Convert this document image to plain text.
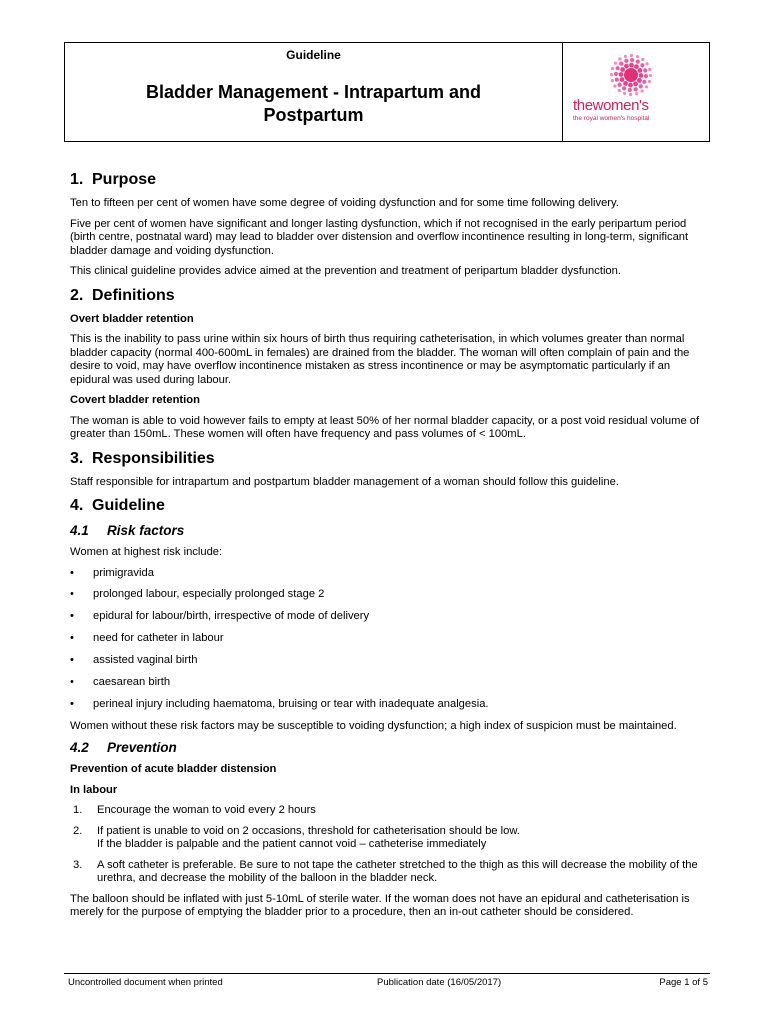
Guideline
Bladder Management - Intrapartum and
Postpartum	thewomen's
the royal women's hospital
1. Purpose

Ten to fifteen per cent of women have some degree of voiding dysfunction and for some time following delivery.

Five per cent of women have significant and longer lasting dysfunction, which if not recognised in the early peripartum period (birth centre, postnatal ward) may lead to bladder over distension and overflow incontinence resulting in long-term, significant bladder damage and voiding dysfunction.

This clinical guideline provides advice aimed at the prevention and treatment of peripartum bladder dysfunction.

2. Definitions
Overt bladder retention

This is the inability to pass urine within six hours of birth thus requiring catheterisation, in which volumes greater than normal bladder capacity (normal 400-600mL in females) are drained from the bladder. The woman will often complain of pain and the desire to void, may have overflow incontinence mistaken as stress incontinence or may be asymptomatic particularly if an epidural was used during labour.

Covert bladder retention

The woman is able to void however fails to empty at least 50% of her normal bladder capacity, or a post void residual volume of greater than 150mL. These women will often have frequency and pass volumes of < 100mL.

3. Responsibilities

Staff responsible for intrapartum and postpartum bladder management of a woman should follow this guideline.

4. Guideline
4.1 Risk factors

Women at highest risk include:

• primigravida
• prolonged labour, especially prolonged stage 2
• epidural for labour/birth, irrespective of mode of delivery
• need for catheter in labour
• assisted vaginal birth
• caesarean birth
• perineal injury including haematoma, bruising or tear with inadequate analgesia.

Women without these risk factors may be susceptible to voiding dysfunction; a high index of suspicion must be maintained.

4.2 Prevention
Prevention of acute bladder distension
In labour
1. Encourage the woman to void every 2 hours
2. If patient is unable to void on 2 occasions, threshold for catheterisation should be low.
If the bladder is palpable and the patient cannot void – catheterise immediately
3. A soft catheter is preferable. Be sure to not tape the catheter stretched to the thigh as this will decrease the mobility of the urethra, and decrease the mobility of the balloon in the bladder neck.

The balloon should be inflated with just 5-10mL of sterile water. If the woman does not have an epidural and catheterisation is merely for the purpose of emptying the bladder prior to a procedure, then an in-out catheter should be considered.

Uncontrolled document when printed	Publication date (16/05/2017)	Page 1 of 5
